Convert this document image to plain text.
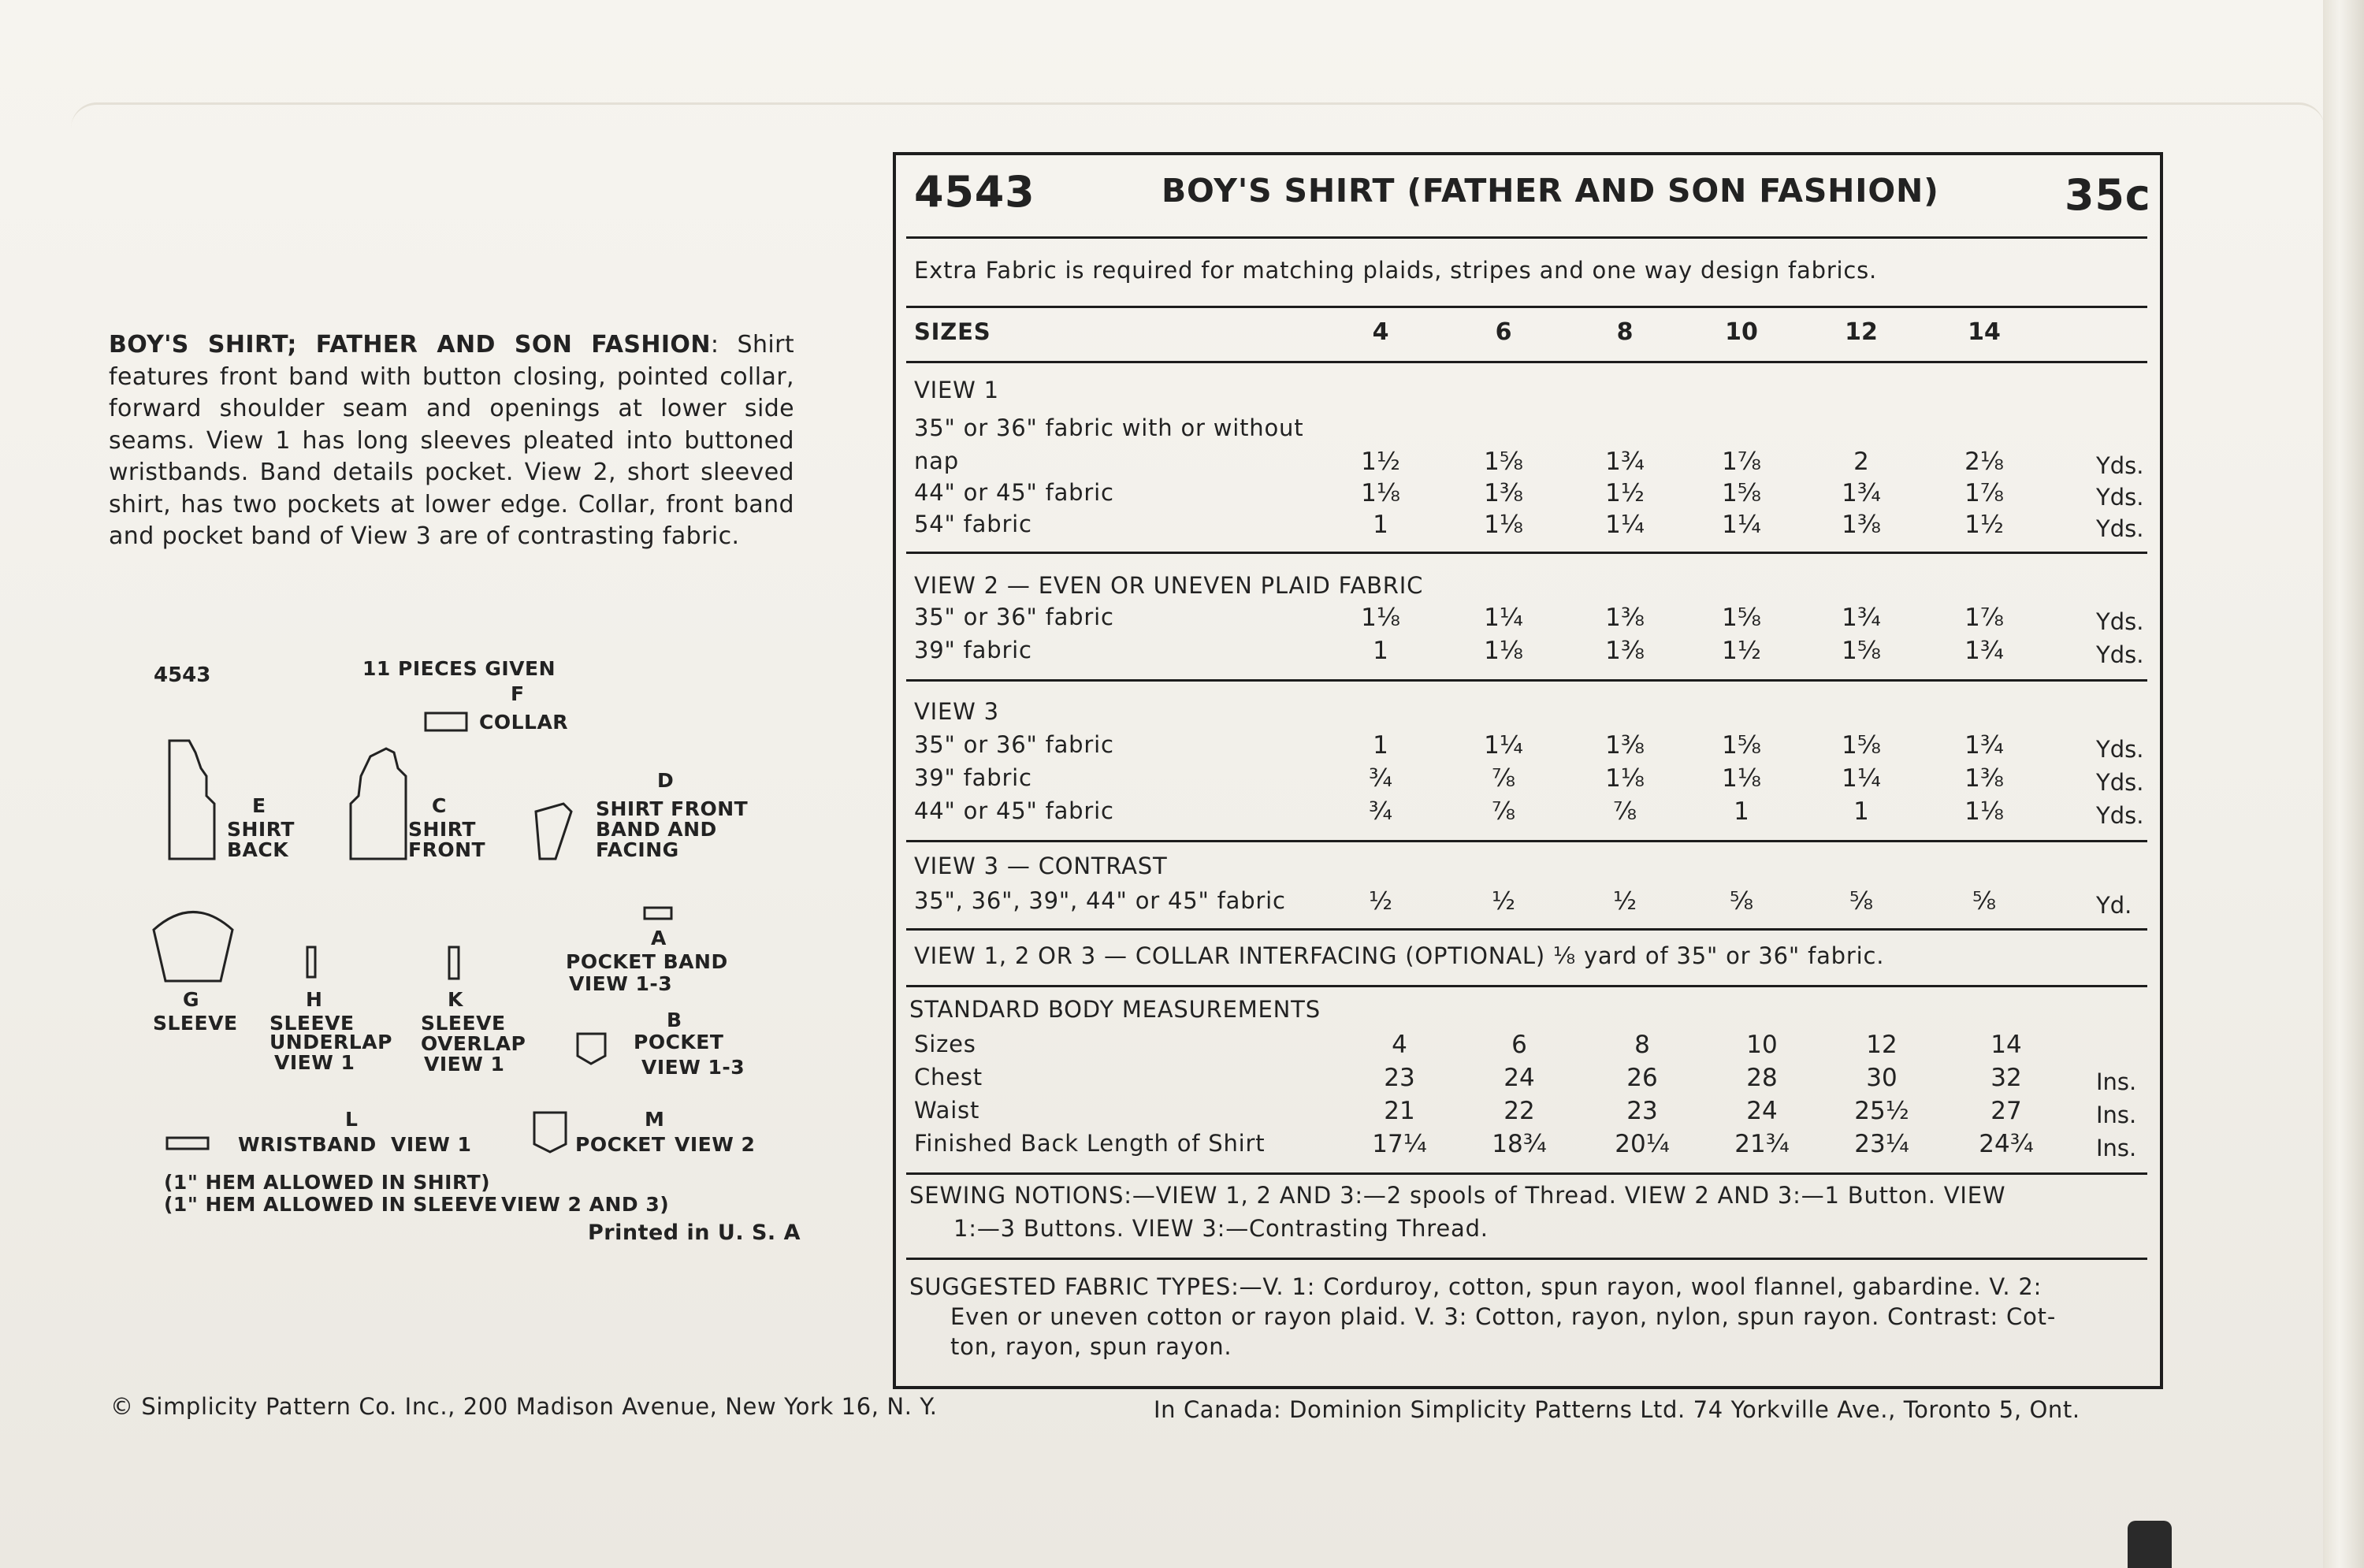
BOY'S SHIRT; FATHER AND SON FASHION: Shirt features front band with button closing, pointed collar, forward shoulder seam and openings at lower side seams. View 1 has long sleeves pleated into buttoned wristbands. Band details pocket. View 2, short sleeved shirt, has two pockets at lower edge. Collar, front band and pocket band of View 3 are of contrasting fabric.
4543	11 PIECES GIVEN
F
COLLAR
E
SHIRT
BACK
C
SHIRT
FRONT
D
SHIRT FRONT
BAND AND
FACING
A
POCKET BAND
VIEW 1-3
G
SLEEVE
H
SLEEVE
UNDERLAP
VIEW 1
K
SLEEVE
OVERLAP
VIEW 1
B
POCKET
VIEW 1-3
L
WRISTBAND VIEW 1
M
POCKET VIEW 2
(1" HEM ALLOWED IN SHIRT)
(1" HEM ALLOWED IN SLEEVE VIEW 2 AND 3)
Printed in U. S. A
4543	BOY'S SHIRT (FATHER AND SON FASHION)	35c
Extra Fabric is required for matching plaids, stripes and one way design fabrics.
SIZES	4	6	8	10	12	14
VIEW 1
35" or 36" fabric with or without
nap	1½	1⅝	1¾	1⅞	2	2⅛	Yds.
44" or 45" fabric	1⅛	1⅜	1½	1⅝	1¾	1⅞	Yds.
54" fabric	1	1⅛	1¼	1¼	1⅜	1½	Yds.
VIEW 2 — EVEN OR UNEVEN PLAID FABRIC
35" or 36" fabric	1⅛	1¼	1⅜	1⅝	1¾	1⅞	Yds.
39" fabric	1	1⅛	1⅜	1½	1⅝	1¾	Yds.
VIEW 3
35" or 36" fabric	1	1¼	1⅜	1⅝	1⅝	1¾	Yds.
39" fabric	¾	⅞	1⅛	1⅛	1¼	1⅜	Yds.
44" or 45" fabric	¾	⅞	⅞	1	1	1⅛	Yds.
VIEW 3 — CONTRAST
35", 36", 39", 44" or 45" fabric	½	½	½	⅝	⅝	⅝	Yd.
VIEW 1, 2 OR 3 — COLLAR INTERFACING (OPTIONAL) ⅛ yard of 35" or 36" fabric.
STANDARD BODY MEASUREMENTS
Sizes	4	6	8	10	12	14
Chest	23	24	26	28	30	32	Ins.
Waist	21	22	23	24	25½	27	Ins.
Finished Back Length of Shirt	17¼	18¾	20¼	21¾	23¼	24¾	Ins.
SEWING NOTIONS:—VIEW 1, 2 AND 3:—2 spools of Thread. VIEW 2 AND 3:—1 Button. VIEW
1:—3 Buttons. VIEW 3:—Contrasting Thread.
SUGGESTED FABRIC TYPES:—V. 1: Corduroy, cotton, spun rayon, wool flannel, gabardine. V. 2:
Even or uneven cotton or rayon plaid. V. 3: Cotton, rayon, nylon, spun rayon. Contrast: Cot-
ton, rayon, spun rayon.
© Simplicity Pattern Co. Inc., 200 Madison Avenue, New York 16, N. Y.	In Canada: Dominion Simplicity Patterns Ltd. 74 Yorkville Ave., Toronto 5, Ont.
